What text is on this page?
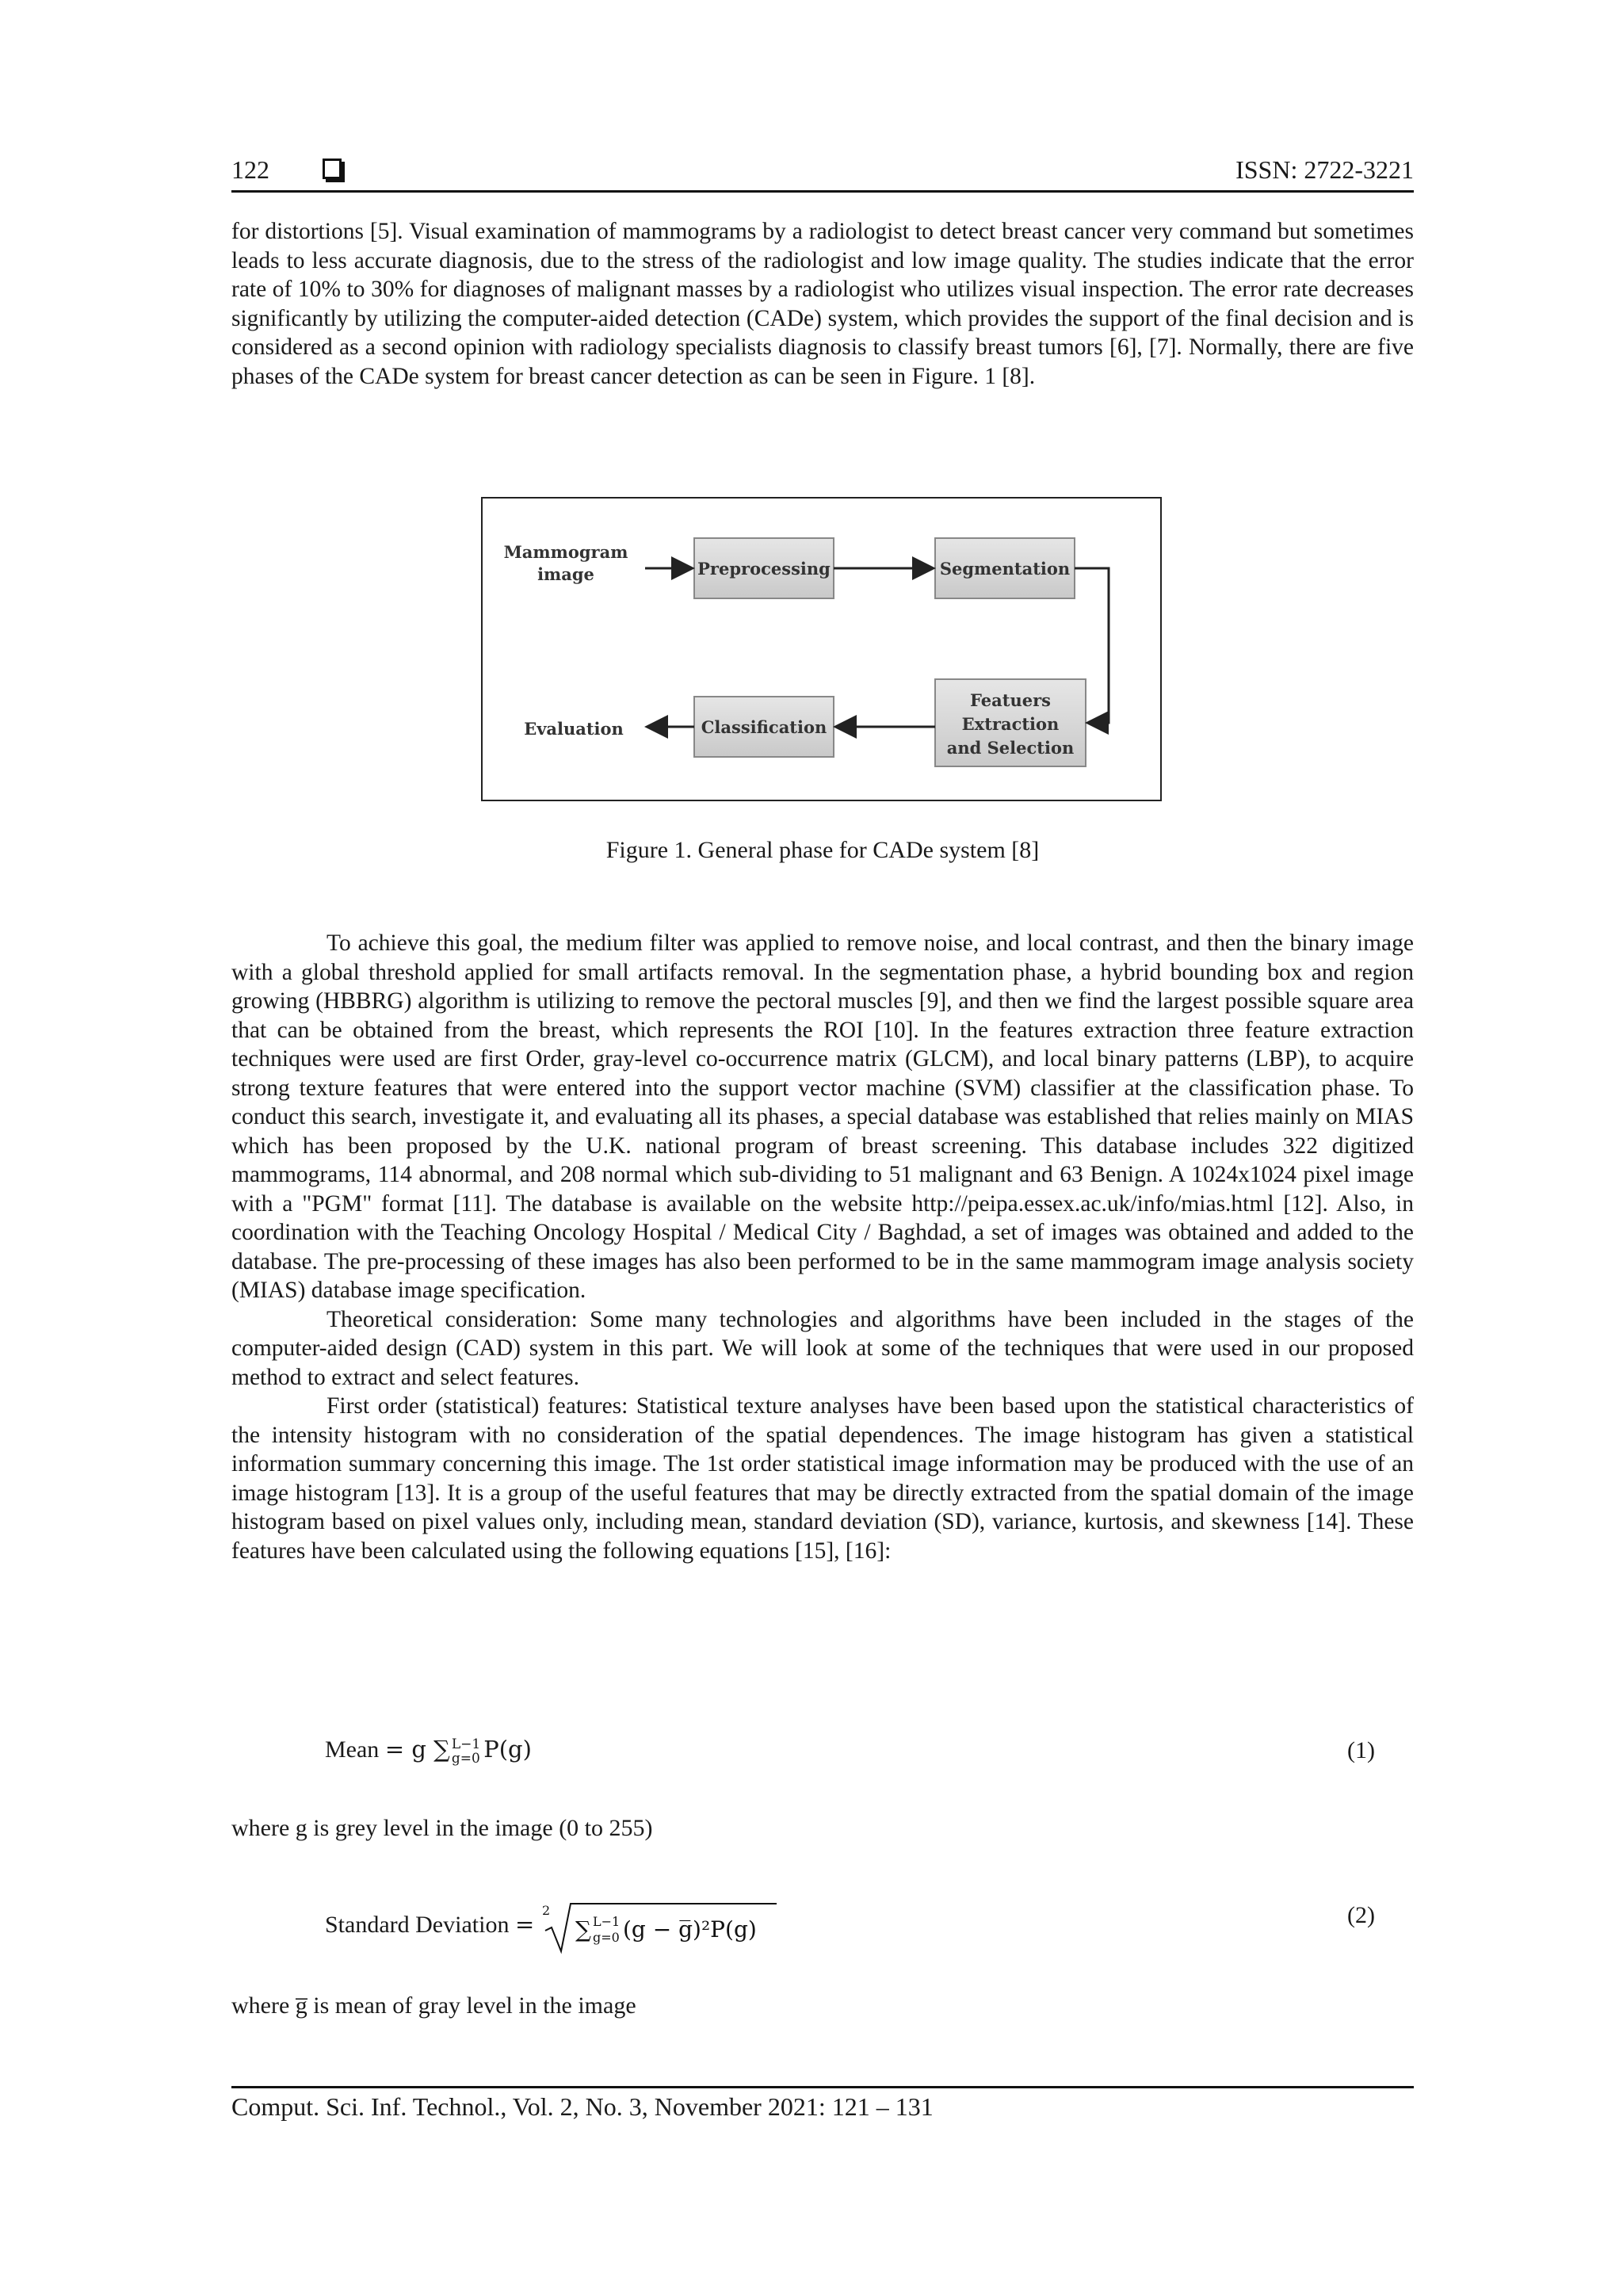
122	ISSN: 2722-3221

for distortions [5]. Visual examination of mammograms by a radiologist to detect breast cancer very command but sometimes leads to less accurate diagnosis, due to the stress of the radiologist and low image quality. The studies indicate that the error rate of 10% to 30% for diagnoses of malignant masses by a radiologist who utilizes visual inspection. The error rate decreases significantly by utilizing the computer-aided detection (CADe) system, which provides the support of the final decision and is considered as a second opinion with radiology specialists diagnosis to classify breast tumors [6], [7]. Normally, there are five phases of the CADe system for breast cancer detection as can be seen in Figure. 1 [8].

Mammogram
image	Preprocessing	Segmentation
Featuers
Extraction
and Selection
Classification
Evaluation
Figure 1. General phase for CADe system [8]

To achieve this goal, the medium filter was applied to remove noise, and local contrast, and then the binary image with a global threshold applied for small artifacts removal. In the segmentation phase, a hybrid bounding box and region growing (HBBRG) algorithm is utilizing to remove the pectoral muscles [9], and then we find the largest possible square area that can be obtained from the breast, which represents the ROI [10]. In the features extraction three feature extraction techniques were used are first Order, gray-level co-occurrence matrix (GLCM), and local binary patterns (LBP), to acquire strong texture features that were entered into the support vector machine (SVM) classifier at the classification phase. To conduct this search, investigate it, and evaluating all its phases, a special database was established that relies mainly on MIAS which has been proposed by the U.K. national program of breast screening. This database includes 322 digitized mammograms, 114 abnormal, and 208 normal which sub-dividing to 51 malignant and 63 Benign. A 1024x1024 pixel image with a "PGM" format [11]. The database is available on the website http://peipa.essex.ac.uk/info/mias.html [12]. Also, in coordination with the Teaching Oncology Hospital / Medical City / Baghdad, a set of images was obtained and added to the database. The pre-processing of these images has also been performed to be in the same mammogram image analysis society (MIAS) database image specification.

Theoretical consideration: Some many technologies and algorithms have been included in the stages of the computer-aided design (CAD) system in this part. We will look at some of the techniques that were used in our proposed method to extract and select features.

First order (statistical) features: Statistical texture analyses have been based upon the statistical characteristics of the intensity histogram with no consideration of the spatial dependences. The image histogram has given a statistical information summary concerning this image. The 1st order statistical image information may be produced with the use of an image histogram [13]. It is a group of the useful features that may be directly extracted from the spatial domain of the image histogram based on pixel values only, including mean, standard deviation (SD), variance, kurtosis, and skewness [14]. These features have been calculated using the following equations [15], [16]:

Mean = g ∑ L−1
g=0 P(g)	(1)
where g is grey level in the image (0 to 255)
Standard Deviation =
2
∑ L−1
g=0 (g − g̅)²P(g)
(2)
where g̅ is mean of gray level in the image
Comput. Sci. Inf. Technol., Vol. 2, No. 3, November 2021: 121 – 131
